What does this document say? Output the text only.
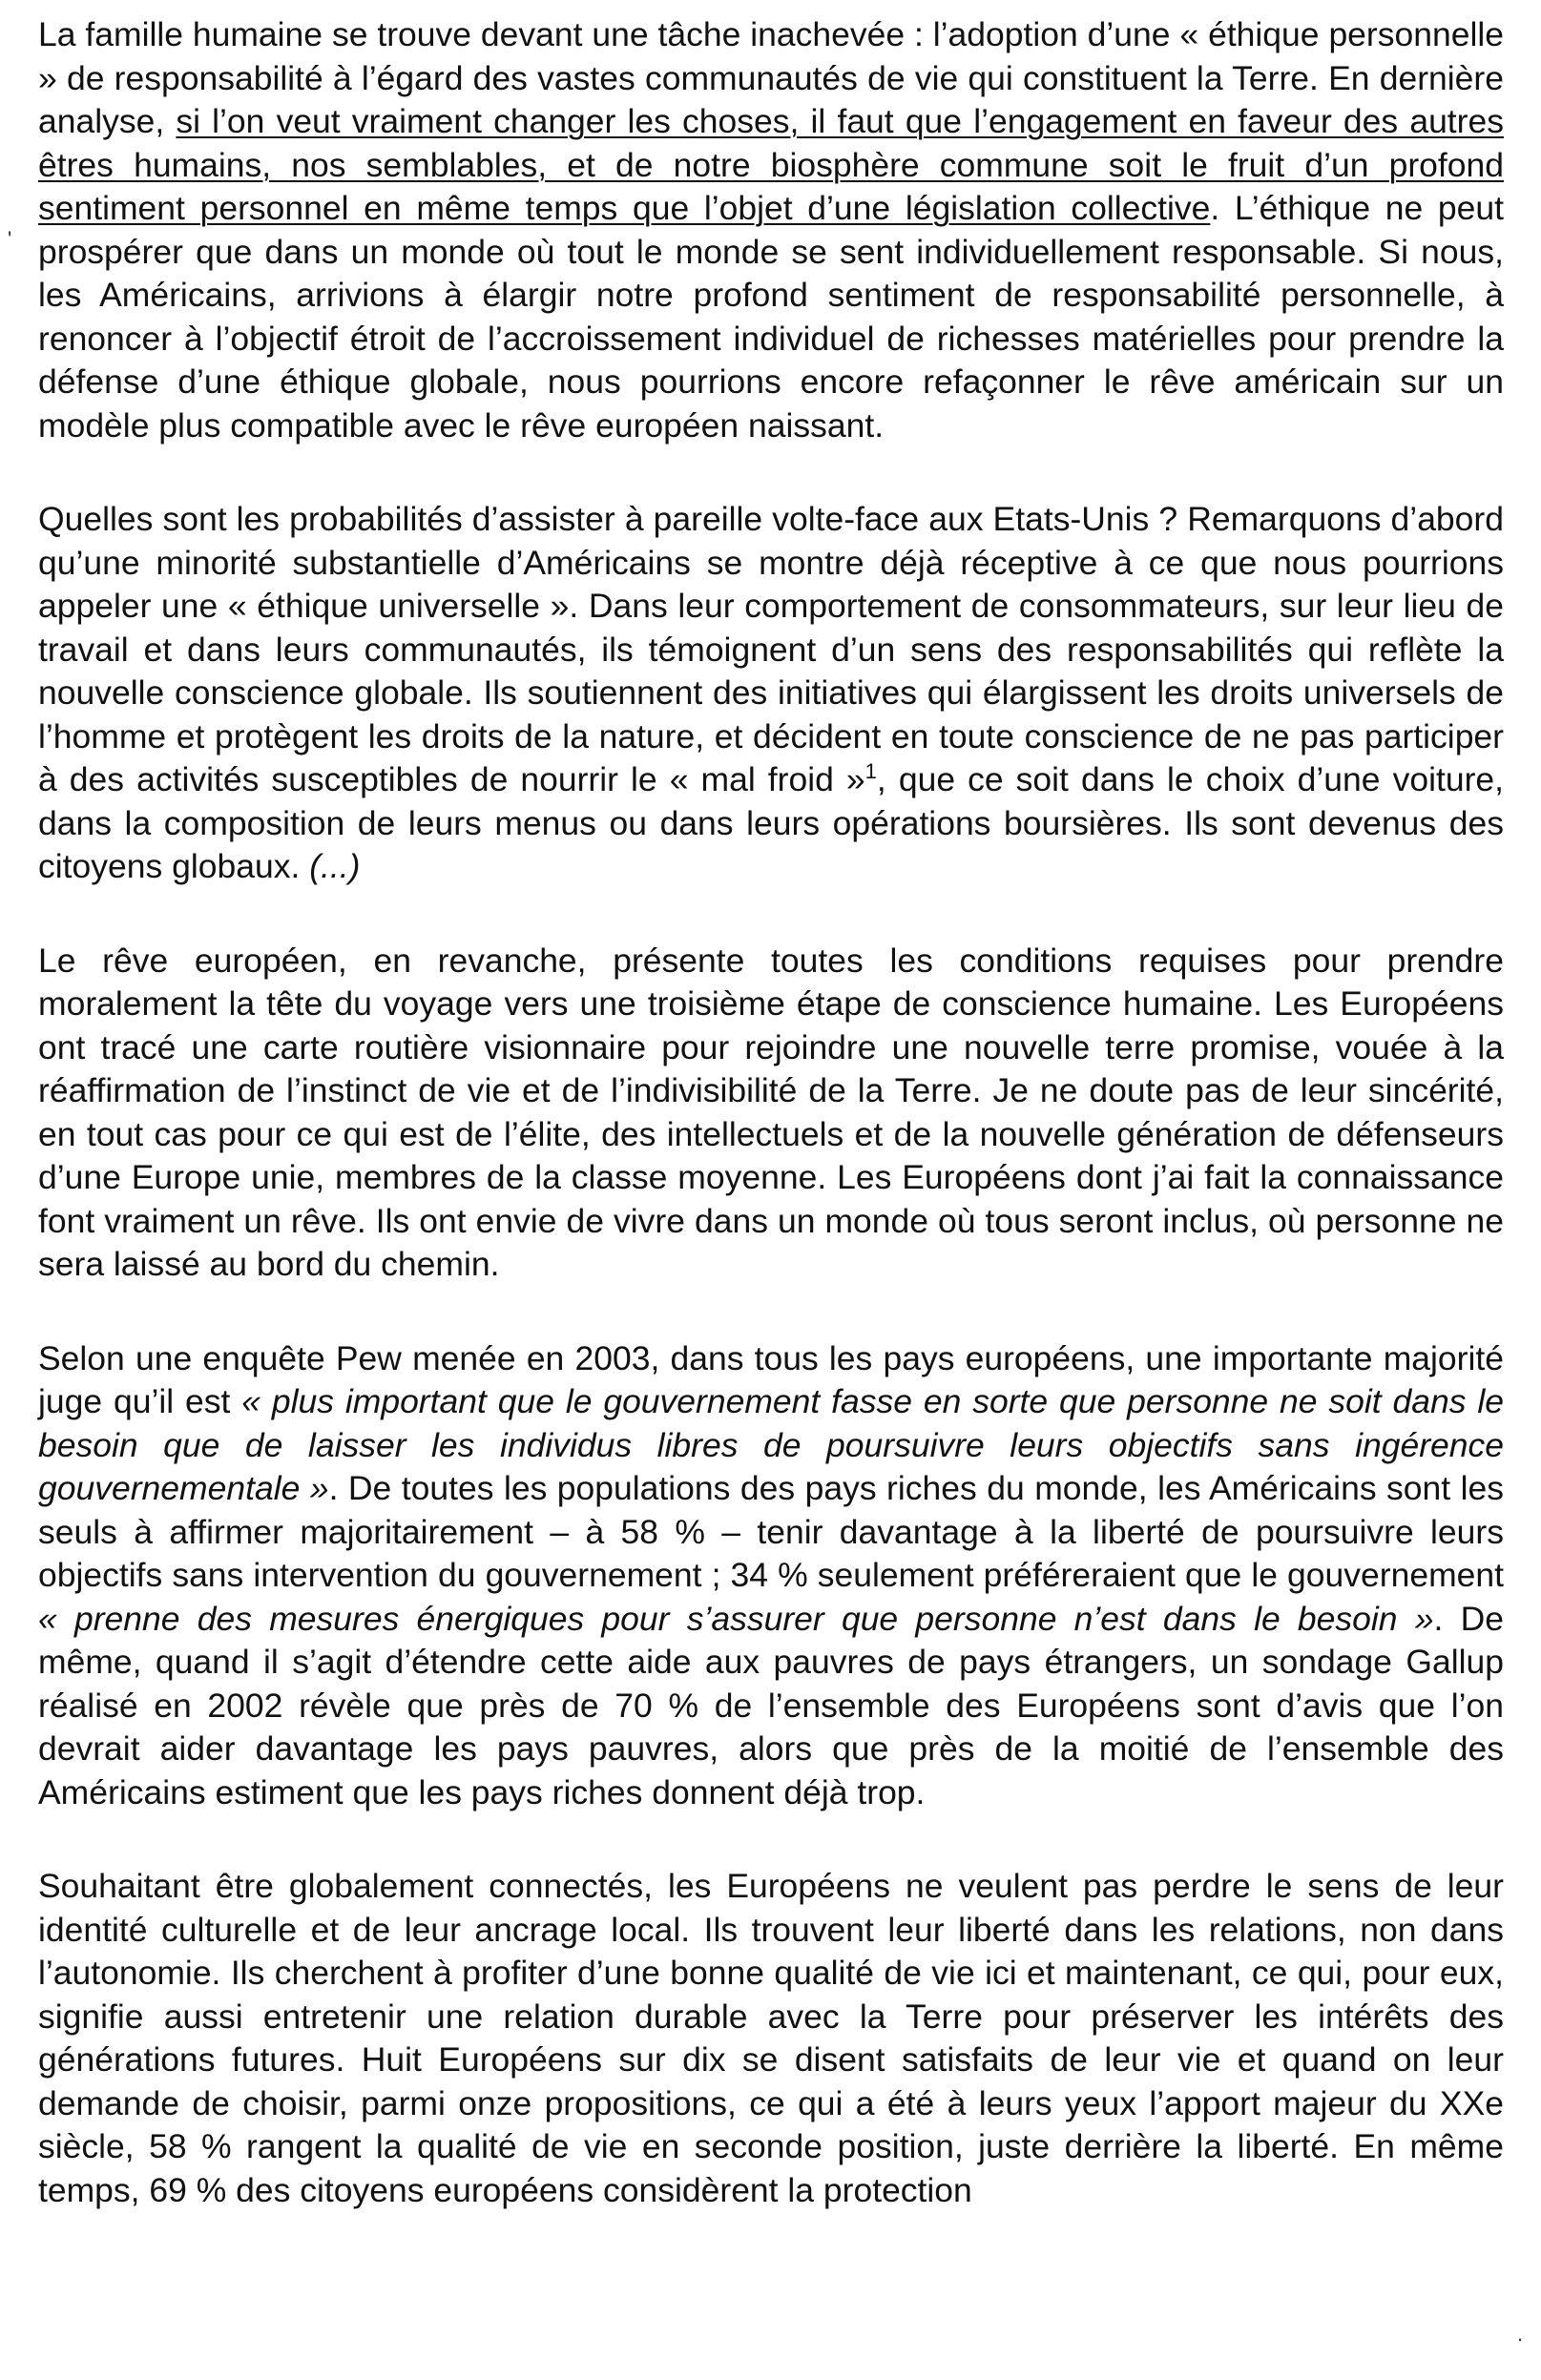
La famille humaine se trouve devant une tâche inachevée : l’adoption d’une « éthique personnelle » de responsabilité à l’égard des vastes communautés de vie qui constituent la Terre. En dernière analyse, si l’on veut vraiment changer les choses, il faut que l’engagement en faveur des autres êtres humains, nos semblables, et de notre biosphère commune soit le fruit d’un profond sentiment personnel en même temps que l’objet d’une législation collective. L’éthique ne peut prospérer que dans un monde où tout le monde se sent individuellement responsable. Si nous, les Américains, arrivions à élargir notre profond sentiment de responsabilité personnelle, à renoncer à l’objectif étroit de l’accroissement individuel de richesses matérielles pour prendre la défense d’une éthique globale, nous pourrions encore refaçonner le rêve américain sur un modèle plus compatible avec le rêve européen naissant.

Quelles sont les probabilités d’assister à pareille volte-face aux Etats-Unis ? Remarquons d’abord qu’une minorité substantielle d’Américains se montre déjà réceptive à ce que nous pourrions appeler une « éthique universelle ». Dans leur comportement de consommateurs, sur leur lieu de travail et dans leurs communautés, ils témoignent d’un sens des responsabilités qui reflète la nouvelle conscience globale. Ils soutiennent des initiatives qui élargissent les droits universels de l’homme et protègent les droits de la nature, et décident en toute conscience de ne pas participer à des activités susceptibles de nourrir le « mal froid »$^1$, que ce soit dans le choix d’une voiture, dans la composition de leurs menus ou dans leurs opérations boursières. Ils sont devenus des citoyens globaux. (...)

Le rêve européen, en revanche, présente toutes les conditions requises pour prendre moralement la tête du voyage vers une troisième étape de conscience humaine. Les Européens ont tracé une carte routière visionnaire pour rejoindre une nouvelle terre promise, vouée à la réaffirmation de l’instinct de vie et de l’indivisibilité de la Terre. Je ne doute pas de leur sincérité, en tout cas pour ce qui est de l’élite, des intellectuels et de la nouvelle génération de défenseurs d’une Europe unie, membres de la classe moyenne. Les Européens dont j’ai fait la connaissance font vraiment un rêve. Ils ont envie de vivre dans un monde où tous seront inclus, où personne ne sera laissé au bord du chemin.

Selon une enquête Pew menée en 2003, dans tous les pays européens, une importante majorité juge qu’il est « plus important que le gouvernement fasse en sorte que personne ne soit dans le besoin que de laisser les individus libres de poursuivre leurs objectifs sans ingérence gouvernementale ». De toutes les populations des pays riches du monde, les Américains sont les seuls à affirmer majoritairement – à 58 % – tenir davantage à la liberté de poursuivre leurs objectifs sans intervention du gouvernement ; 34 % seulement préféreraient que le gouvernement « prenne des mesures énergiques pour s’assurer que personne n’est dans le besoin ». De même, quand il s’agit d’étendre cette aide aux pauvres de pays étrangers, un sondage Gallup réalisé en 2002 révèle que près de 70 % de l’ensemble des Européens sont d’avis que l’on devrait aider davantage les pays pauvres, alors que près de la moitié de l’ensemble des Américains estiment que les pays riches donnent déjà trop.

Souhaitant être globalement connectés, les Européens ne veulent pas perdre le sens de leur identité culturelle et de leur ancrage local. Ils trouvent leur liberté dans les relations, non dans l’autonomie. Ils cherchent à profiter d’une bonne qualité de vie ici et maintenant, ce qui, pour eux, signifie aussi entretenir une relation durable avec la Terre pour préserver les intérêts des générations futures. Huit Européens sur dix se disent satisfaits de leur vie et quand on leur demande de choisir, parmi onze propositions, ce qui a été à leurs yeux l’apport majeur du XXe siècle, 58 % rangent la qualité de vie en seconde position, juste derrière la liberté. En même temps, 69 % des citoyens européens considèrent la protection

'
.
